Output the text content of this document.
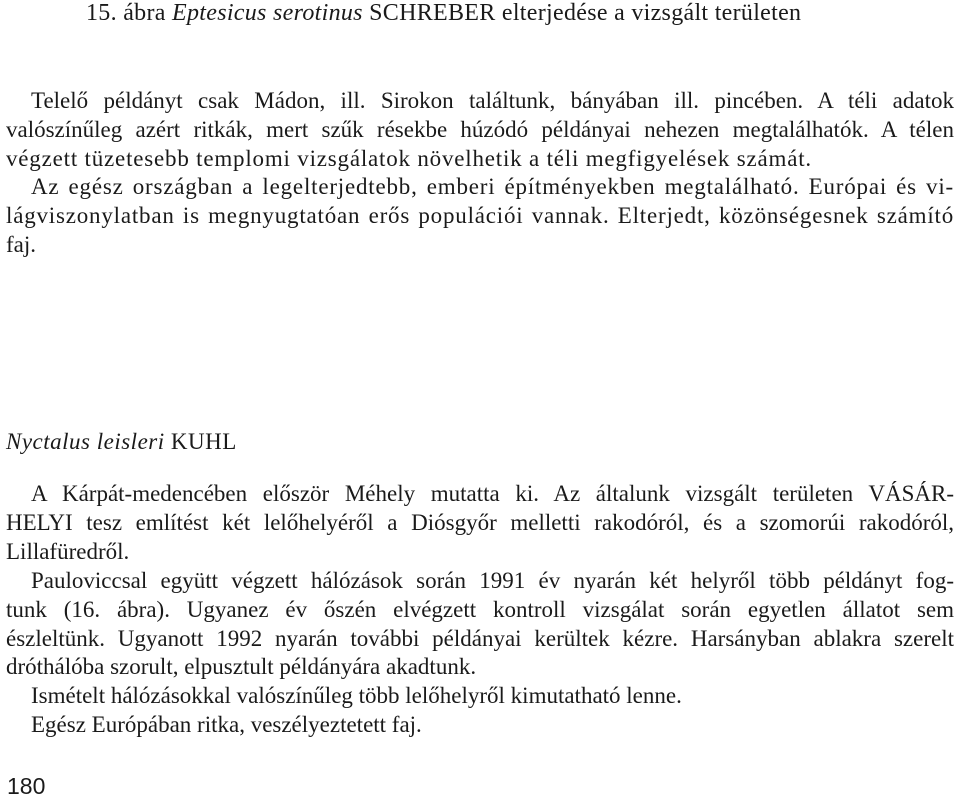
15. ábra Eptesicus serotinus SCHREBER elterjedése a vizsgált területen
Telelő példányt csak Mádon, ill. Sirokon találtunk, bányában ill. pincében. A téli adatok
valószínűleg azért ritkák, mert szűk résekbe húzódó példányai nehezen megtalálhatók. A télen
végzett tüzetesebb templomi vizsgálatok növelhetik a téli megfigyelések számát.
Az egész országban a legelterjedtebb, emberi építményekben megtalálható. Európai és vi-
lágviszonylatban is megnyugtatóan erős populációi vannak. Elterjedt, közönségesnek számító
faj.
Nyctalus leisleri KUHL
A Kárpát-medencében először Méhely mutatta ki. Az általunk vizsgált területen VÁSÁR-
HELYI tesz említést két lelőhelyéről a Diósgyőr melletti rakodóról, és a szomorúi rakodóról,
Lillafüredről.
Pauloviccsal együtt végzett hálózások során 1991 év nyarán két helyről több példányt fog-
tunk (16. ábra). Ugyanez év őszén elvégzett kontroll vizsgálat során egyetlen állatot sem
észleltünk. Ugyanott 1992 nyarán további példányai kerültek kézre. Harsányban ablakra szerelt
dróthálóba szorult, elpusztult példányára akadtunk.
Ismételt hálózásokkal valószínűleg több lelőhelyről kimutatható lenne.
Egész Európában ritka, veszélyeztetett faj.
180
